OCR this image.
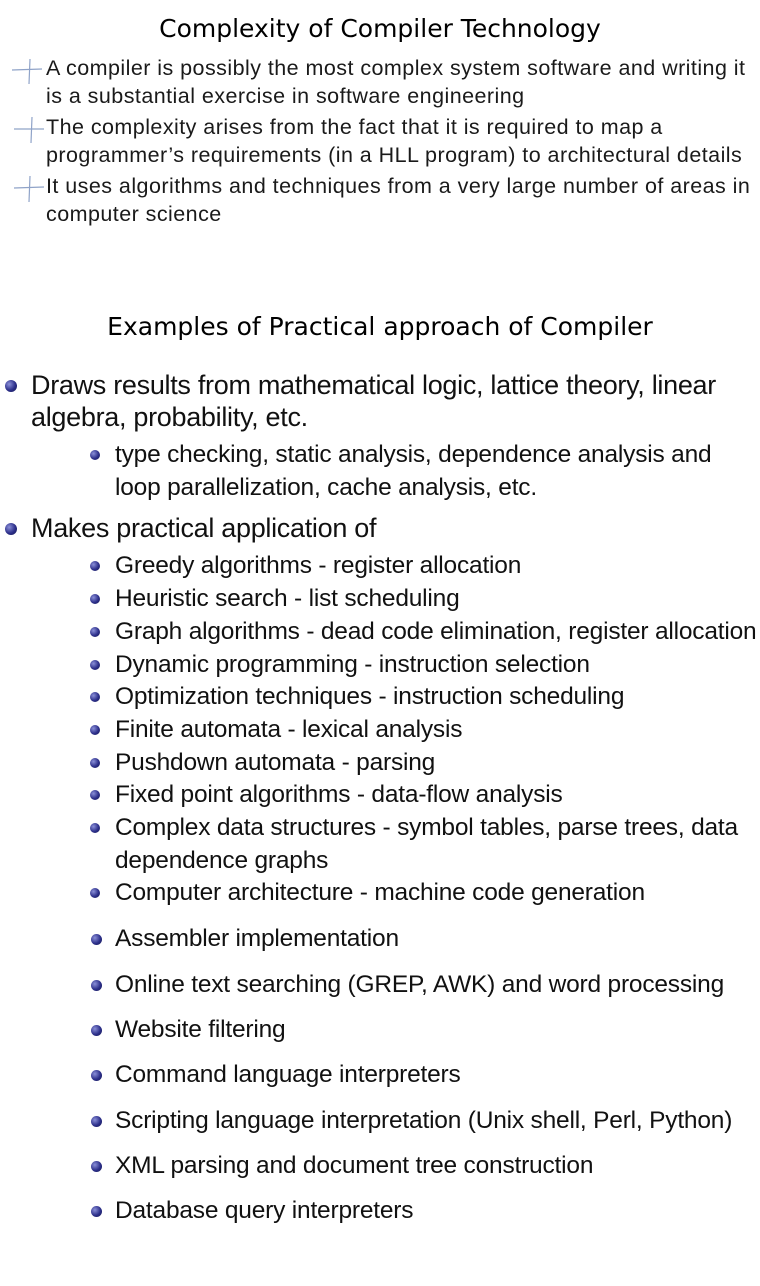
Complexity of Compiler Technology
A compiler is possibly the most complex system software and writing it is a substantial exercise in software engineering
The complexity arises from the fact that it is required to map a programmer’s requirements (in a HLL program) to architectural details
It uses algorithms and techniques from a very large number of areas in computer science
Examples of Practical approach of Compiler
Draws results from mathematical logic, lattice theory, linear algebra, probability, etc.
type checking, static analysis, dependence analysis and loop parallelization, cache analysis, etc.
Makes practical application of
Greedy algorithms - register allocation
Heuristic search - list scheduling
Graph algorithms - dead code elimination, register allocation
Dynamic programming - instruction selection
Optimization techniques - instruction scheduling
Finite automata - lexical analysis
Pushdown automata - parsing
Fixed point algorithms - data-flow analysis
Complex data structures - symbol tables, parse trees, data dependence graphs
Computer architecture - machine code generation
Assembler implementation
Online text searching (GREP, AWK) and word processing
Website filtering
Command language interpreters
Scripting language interpretation (Unix shell, Perl, Python)
XML parsing and document tree construction
Database query interpreters
